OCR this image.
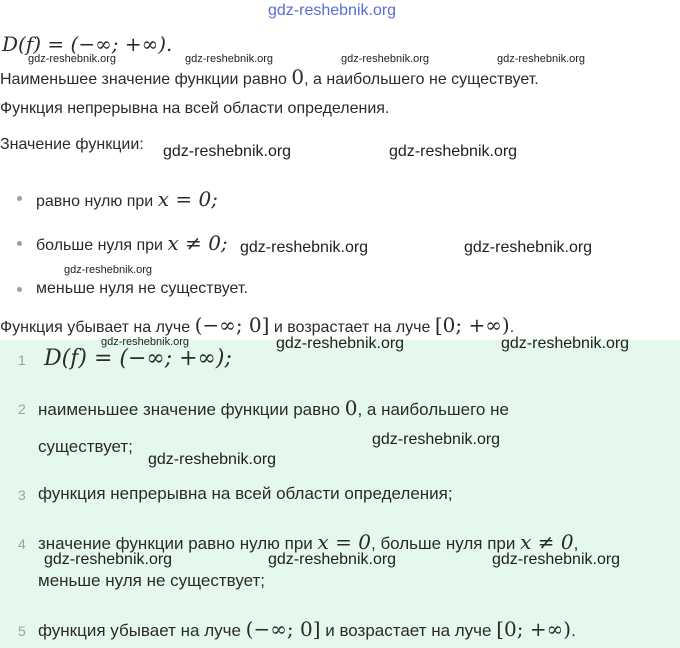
gdz-reshebnik.org
D(f) = (−∞; +∞).
Наименьшее значение функции равно 0, а наибольшего не существует.
Функция непрерывна на всей области определения.
Значение функции:
равно нулю при x = 0;
больше нуля при x ≠ 0;
меньше нуля не существует.
Функция убывает на луче (−∞; 0] и возрастает на луче [0; +∞).
1 D(f) = (−∞; +∞);
2 наименьшее значение функции равно 0, а наибольшего не
существует;
3 функция непрерывна на всей области определения;
4 значение функции равно нулю при x = 0, больше нуля при x ≠ 0,
меньше нуля не существует;
5 функция убывает на луче (−∞; 0] и возрастает на луче [0; +∞).
gdz-reshebnik.org	gdz-reshebnik.org	gdz-reshebnik.org	gdz-reshebnik.org
gdz-reshebnik.org	gdz-reshebnik.org
gdz-reshebnik.org	gdz-reshebnik.org
gdz-reshebnik.org
gdz-reshebnik.org	gdz-reshebnik.org	gdz-reshebnik.org
gdz-reshebnik.org
gdz-reshebnik.org
gdz-reshebnik.org	gdz-reshebnik.org	gdz-reshebnik.org
